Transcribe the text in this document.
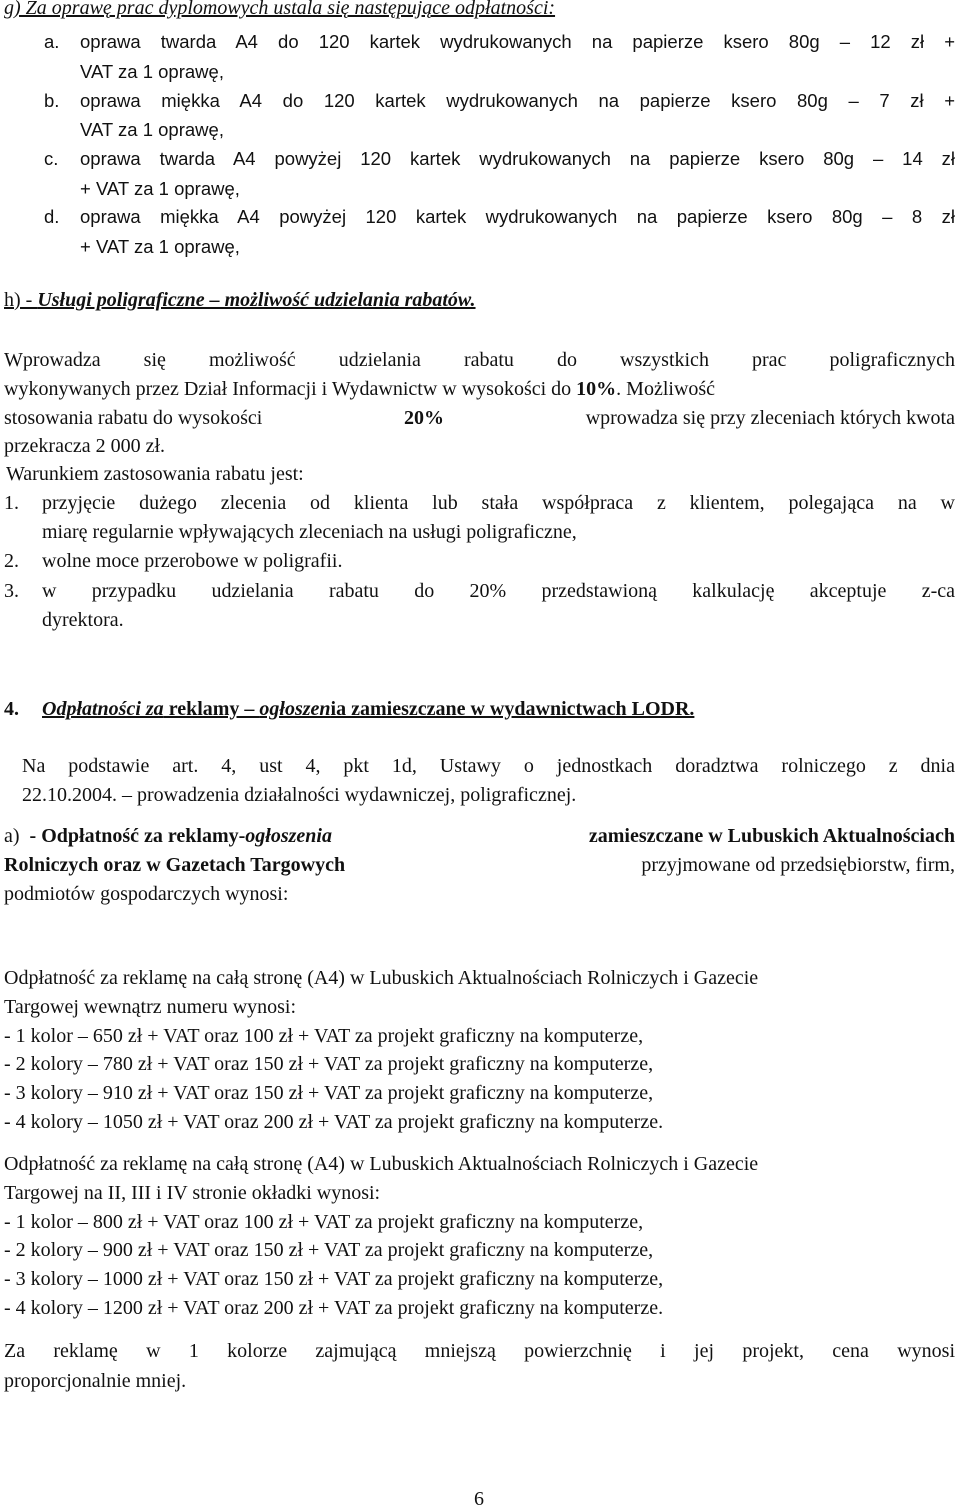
g) Za oprawę prac dyplomowych ustala się następujące odpłatności:
a. oprawa twarda A4 do 120 kartek wydrukowanych na papierze ksero 80g – 12 zł +
VAT za 1 oprawę,
b. oprawa miękka A4 do 120 kartek wydrukowanych na papierze ksero 80g – 7 zł +
VAT za 1 oprawę,
c. oprawa twarda A4 powyżej 120 kartek wydrukowanych na papierze ksero 80g – 14 zł
+ VAT za 1 oprawę,
d. oprawa miękka A4 powyżej 120 kartek wydrukowanych na papierze ksero 80g – 8 zł
+ VAT za 1 oprawę,
h) - Usługi poligraficzne – możliwość udzielania rabatów.
Wprowadza się możliwość udzielania rabatu do wszystkich prac poligraficznych
wykonywanych przez Dział Informacji i Wydawnictw w wysokości do 10%. Możliwość
stosowania rabatu do wysokości	20%	wprowadza się przy zleceniach których kwota
przekracza 2 000 zł.
Warunkiem zastosowania rabatu jest:
1. przyjęcie dużego zlecenia od klienta lub stała współpraca z klientem, polegająca na w
miarę regularnie wpływających zleceniach na usługi poligraficzne,
2. wolne moce przerobowe w poligrafii.
3. w przypadku udzielania rabatu do 20% przedstawioną kalkulację akceptuje z-ca
dyrektora.
4. Odpłatności za reklamy – ogłoszenia zamieszczane w wydawnictwach LODR.
Na podstawie art. 4, ust 4, pkt 1d, Ustawy o jednostkach doradztwa rolniczego z dnia
22.10.2004. – prowadzenia działalności wydawniczej, poligraficznej.
a) - Odpłatność za reklamy- ogłoszenia	zamieszczane w Lubuskich Aktualnościach
Rolniczych oraz w Gazetach Targowych	przyjmowane od przedsiębiorstw, firm,
podmiotów gospodarczych wynosi:
Odpłatność za reklamę na całą stronę (A4) w Lubuskich Aktualnościach Rolniczych i Gazecie
Targowej wewnątrz numeru wynosi:
- 1 kolor – 650 zł + VAT oraz 100 zł + VAT za projekt graficzny na komputerze,
- 2 kolory – 780 zł + VAT oraz 150 zł + VAT za projekt graficzny na komputerze,
- 3 kolory – 910 zł + VAT oraz 150 zł + VAT za projekt graficzny na komputerze,
- 4 kolory – 1050 zł + VAT oraz 200 zł + VAT za projekt graficzny na komputerze.
Odpłatność za reklamę na całą stronę (A4) w Lubuskich Aktualnościach Rolniczych i Gazecie
Targowej na II, III i IV stronie okładki wynosi:
- 1 kolor – 800 zł + VAT oraz 100 zł + VAT za projekt graficzny na komputerze,
- 2 kolory – 900 zł + VAT oraz 150 zł + VAT za projekt graficzny na komputerze,
- 3 kolory – 1000 zł + VAT oraz 150 zł + VAT za projekt graficzny na komputerze,
- 4 kolory – 1200 zł + VAT oraz 200 zł + VAT za projekt graficzny na komputerze.
Za reklamę w 1 kolorze zajmującą mniejszą powierzchnię i jej projekt, cena wynosi
proporcjonalnie mniej.
6
